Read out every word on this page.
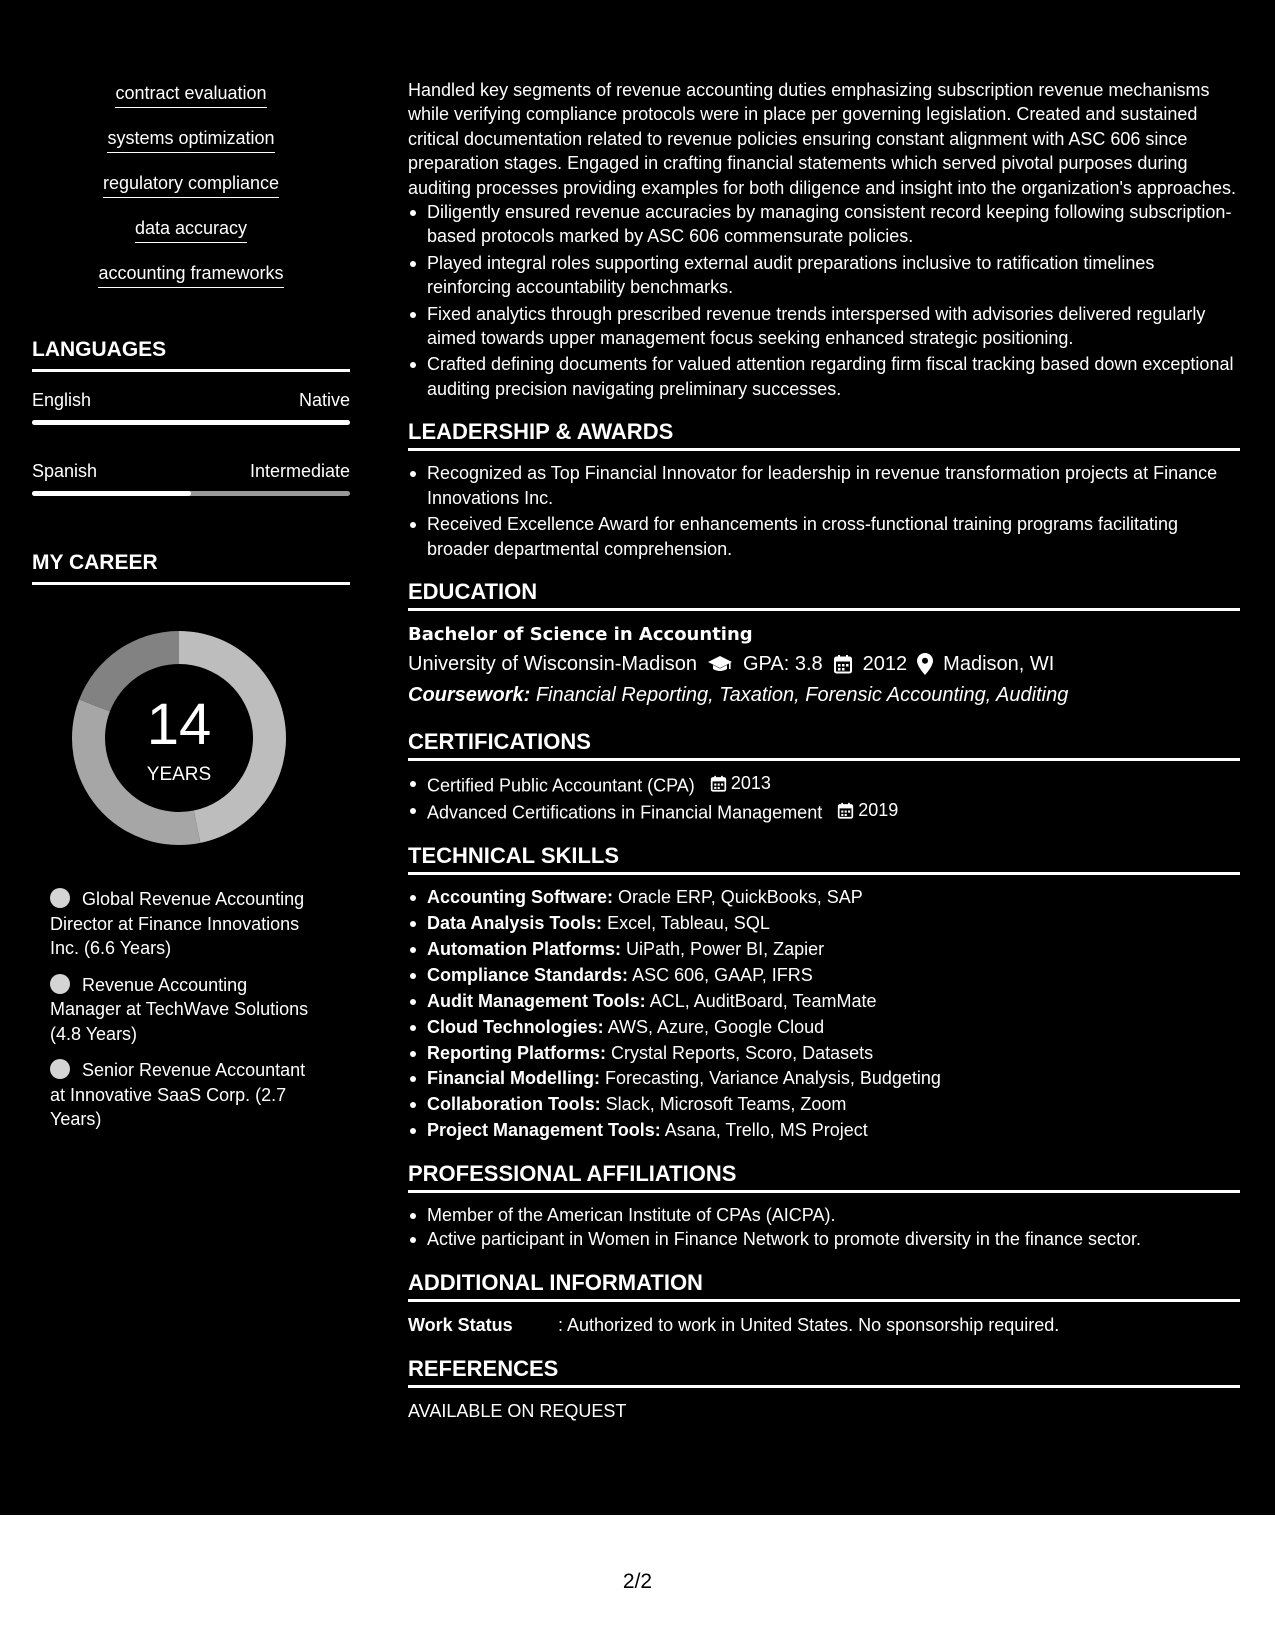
contract evaluation
systems optimization
regulatory compliance
data accuracy
accounting frameworks
LANGUAGES
English	Native
Spanish	Intermediate
MY CAREER
14
YEARS
Global Revenue Accounting Director at Finance Innovations Inc. (6.6 Years)
Revenue Accounting Manager at TechWave Solutions (4.8 Years)
Senior Revenue Accountant at Innovative SaaS Corp. (2.7 Years)

Handled key segments of revenue accounting duties emphasizing subscription revenue mechanisms while verifying compliance protocols were in place per governing legislation. Created and sustained critical documentation related to revenue policies ensuring constant alignment with ASC 606 since preparation stages. Engaged in crafting financial statements which served pivotal purposes during auditing processes providing examples for both diligence and insight into the organization's approaches.

Diligently ensured revenue accuracies by managing consistent record keeping following subscription-based protocols marked by ASC 606 commensurate policies.
Played integral roles supporting external audit preparations inclusive to ratification timelines reinforcing accountability benchmarks.
Fixed analytics through prescribed revenue trends interspersed with advisories delivered regularly aimed towards upper management focus seeking enhanced strategic positioning.
Crafted defining documents for valued attention regarding firm fiscal tracking based down exceptional auditing precision navigating preliminary successes.
LEADERSHIP & AWARDS
Recognized as Top Financial Innovator for leadership in revenue transformation projects at Finance Innovations Inc.
Received Excellence Award for enhancements in cross-functional training programs facilitating broader departmental comprehension.
EDUCATION
Bachelor of Science in Accounting
University of Wisconsin-Madison GPA: 3.8 2012 Madison, WI
Coursework: Financial Reporting, Taxation, Forensic Accounting, Auditing
CERTIFICATIONS
Certified Public Accountant (CPA) 2013
Advanced Certifications in Financial Management 2019
TECHNICAL SKILLS
Accounting Software: Oracle ERP, QuickBooks, SAP
Data Analysis Tools: Excel, Tableau, SQL
Automation Platforms: UiPath, Power BI, Zapier
Compliance Standards: ASC 606, GAAP, IFRS
Audit Management Tools: ACL, AuditBoard, TeamMate
Cloud Technologies: AWS, Azure, Google Cloud
Reporting Platforms: Crystal Reports, Scoro, Datasets
Financial Modelling: Forecasting, Variance Analysis, Budgeting
Collaboration Tools: Slack, Microsoft Teams, Zoom
Project Management Tools: Asana, Trello, MS Project
PROFESSIONAL AFFILIATIONS
Member of the American Institute of CPAs (AICPA).
Active participant in Women in Finance Network to promote diversity in the finance sector.
ADDITIONAL INFORMATION
Work Status	: Authorized to work in United States. No sponsorship required.
REFERENCES
AVAILABLE ON REQUEST
2/2
